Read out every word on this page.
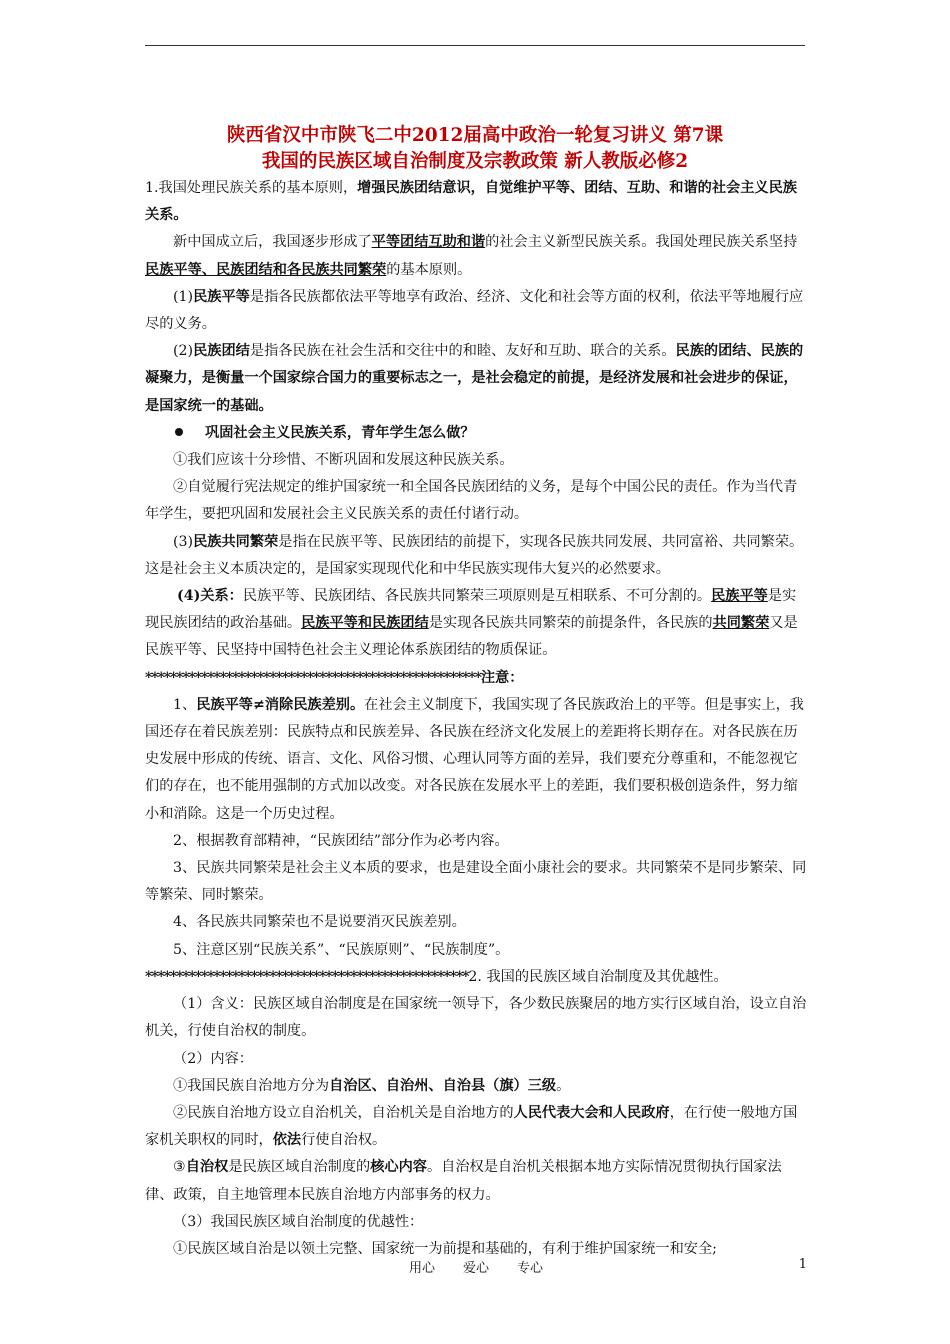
陕西省汉中市陕飞二中2012届高中政治一轮复习讲义 第7课
我国的民族区域自治制度及宗教政策 新人教版必修2

1.我国处理民族关系的基本原则，增强民族团结意识，自觉维护平等、团结、互助、和谐的社会主义民族关系。

新中国成立后，我国逐步形成了平等团结互助和谐的社会主义新型民族关系。我国处理民族关系坚持民族平等、民族团结和各民族共同繁荣的基本原则。

(1)民族平等是指各民族都依法平等地享有政治、经济、文化和社会等方面的权利，依法平等地履行应尽的义务。

(2)民族团结是指各民族在社会生活和交往中的和睦、友好和互助、联合的关系。民族的团结、民族的凝聚力，是衡量一个国家综合国力的重要标志之一，是社会稳定的前提，是经济发展和社会进步的保证，是国家统一的基础。

巩固社会主义民族关系，青年学生怎么做？

①我们应该十分珍惜、不断巩固和发展这种民族关系。

②自觉履行宪法规定的维护国家统一和全国各民族团结的义务，是每个中国公民的责任。作为当代青年学生，要把巩固和发展社会主义民族关系的责任付诸行动。

(3)民族共同繁荣是指在民族平等、民族团结的前提下，实现各民族共同发展、共同富裕、共同繁荣。这是社会主义本质决定的，是国家实现现代化和中华民族实现伟大复兴的必然要求。

(4)关系：民族平等、民族团结、各民族共同繁荣三项原则是互相联系、不可分割的。民族平等是实现民族团结的政治基础。民族平等和民族团结是实现各民族共同繁荣的前提条件，各民族的共同繁荣又是民族平等、民坚持中国特色社会主义理论体系族团结的物质保证。

******************************************************注意：

1、民族平等≠消除民族差别。在社会主义制度下，我国实现了各民族政治上的平等。但是事实上，我国还存在着民族差别：民族特点和民族差异、各民族在经济文化发展上的差距将长期存在。对各民族在历史发展中形成的传统、语言、文化、风俗习惯、心理认同等方面的差异，我们要充分尊重和，不能忽视它们的存在，也不能用强制的方式加以改变。对各民族在发展水平上的差距，我们要积极创造条件，努力缩小和消除。这是一个历史过程。

2、根据教育部精神，“民族团结”部分作为必考内容。

3、民族共同繁荣是社会主义本质的要求，也是建设全面小康社会的要求。共同繁荣不是同步繁荣、同等繁荣、同时繁荣。

4、各民族共同繁荣也不是说要消灭民族差别。

5、注意区别“民族关系”、“民族原则”、“民族制度”。

****************************************************2. 我国的民族区域自治制度及其优越性。

（1）含义：民族区域自治制度是在国家统一领导下，各少数民族聚居的地方实行区域自治，设立自治机关，行使自治权的制度。

（2）内容：

①我国民族自治地方分为自治区、自治州、自治县（旗）三级。

②民族自治地方设立自治机关，自治机关是自治地方的人民代表大会和人民政府，在行使一般地方国家机关职权的同时，依法行使自治权。

③自治权是民族区域自治制度的核心内容。自治权是自治机关根据本地方实际情况贯彻执行国家法律、政策，自主地管理本民族自治地方内部事务的权力。

（3）我国民族区域自治制度的优越性：

①民族区域自治是以领土完整、国家统一为前提和基础的，有利于维护国家统一和安全;

用心 爱心 专心	1
